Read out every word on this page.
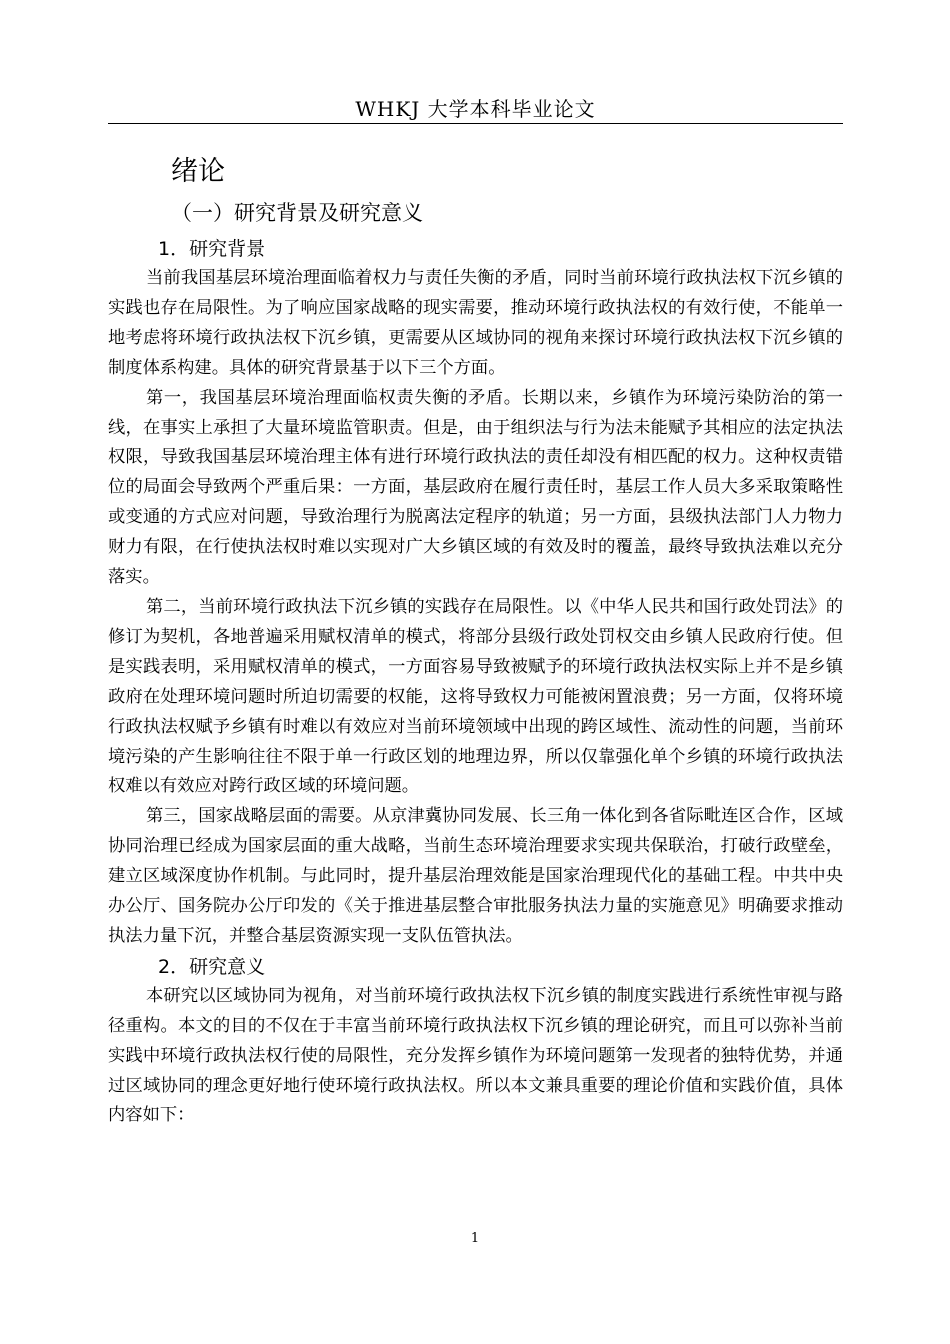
WHKJ 大学本科毕业论文
绪论
（一）研究背景及研究意义
1．研究背景

当前我国基层环境治理面临着权力与责任失衡的矛盾，同时当前环境行政执法权下沉乡镇的实践也存在局限性。为了响应国家战略的现实需要，推动环境行政执法权的有效行使，不能单一地考虑将环境行政执法权下沉乡镇，更需要从区域协同的视角来探讨环境行政执法权下沉乡镇的制度体系构建。具体的研究背景基于以下三个方面。

第一，我国基层环境治理面临权责失衡的矛盾。长期以来，乡镇作为环境污染防治的第一线，在事实上承担了大量环境监管职责。但是，由于组织法与行为法未能赋予其相应的法定执法权限，导致我国基层环境治理主体有进行环境行政执法的责任却没有相匹配的权力。这种权责错位的局面会导致两个严重后果：一方面，基层政府在履行责任时，基层工作人员大多采取策略性或变通的方式应对问题，导致治理行为脱离法定程序的轨道；另一方面，县级执法部门人力物力财力有限，在行使执法权时难以实现对广大乡镇区域的有效及时的覆盖，最终导致执法难以充分落实。

第二，当前环境行政执法下沉乡镇的实践存在局限性。以《中华人民共和国行政处罚法》的修订为契机，各地普遍采用赋权清单的模式，将部分县级行政处罚权交由乡镇人民政府行使。但是实践表明，采用赋权清单的模式，一方面容易导致被赋予的环境行政执法权实际上并不是乡镇政府在处理环境问题时所迫切需要的权能，这将导致权力可能被闲置浪费；另一方面，仅将环境行政执法权赋予乡镇有时难以有效应对当前环境领域中出现的跨区域性、流动性的问题，当前环境污染的产生影响往往不限于单一行政区划的地理边界，所以仅靠强化单个乡镇的环境行政执法权难以有效应对跨行政区域的环境问题。

第三，国家战略层面的需要。从京津冀协同发展、长三角一体化到各省际毗连区合作，区域协同治理已经成为国家层面的重大战略，当前生态环境治理要求实现共保联治，打破行政壁垒，建立区域深度协作机制。与此同时，提升基层治理效能是国家治理现代化的基础工程。中共中央办公厅、国务院办公厅印发的《关于推进基层整合审批服务执法力量的实施意见》明确要求推动执法力量下沉，并整合基层资源实现一支队伍管执法。

2．研究意义

本研究以区域协同为视角，对当前环境行政执法权下沉乡镇的制度实践进行系统性审视与路径重构。本文的目的不仅在于丰富当前环境行政执法权下沉乡镇的理论研究，而且可以弥补当前实践中环境行政执法权行使的局限性，充分发挥乡镇作为环境问题第一发现者的独特优势，并通过区域协同的理念更好地行使环境行政执法权。所以本文兼具重要的理论价值和实践价值，具体内容如下：

1
